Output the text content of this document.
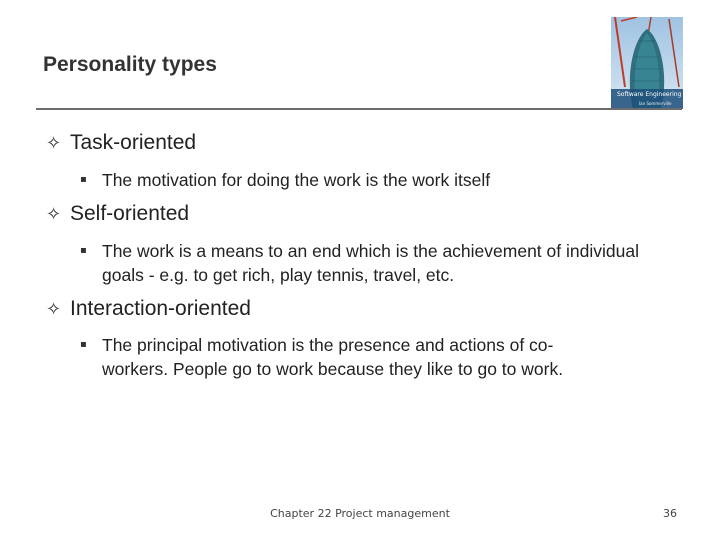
Personality types
Software Engineering
Ian Sommerville
✧ Task-oriented
▪ The motivation for doing the work is the work itself
✧ Self-oriented
▪ The work is a means to an end which is the achievement of individual goals - e.g. to get rich, play tennis, travel, etc.
✧ Interaction-oriented
▪ The principal motivation is the presence and actions of co-workers. People go to work because they like to go to work.
Chapter 22 Project management	36
